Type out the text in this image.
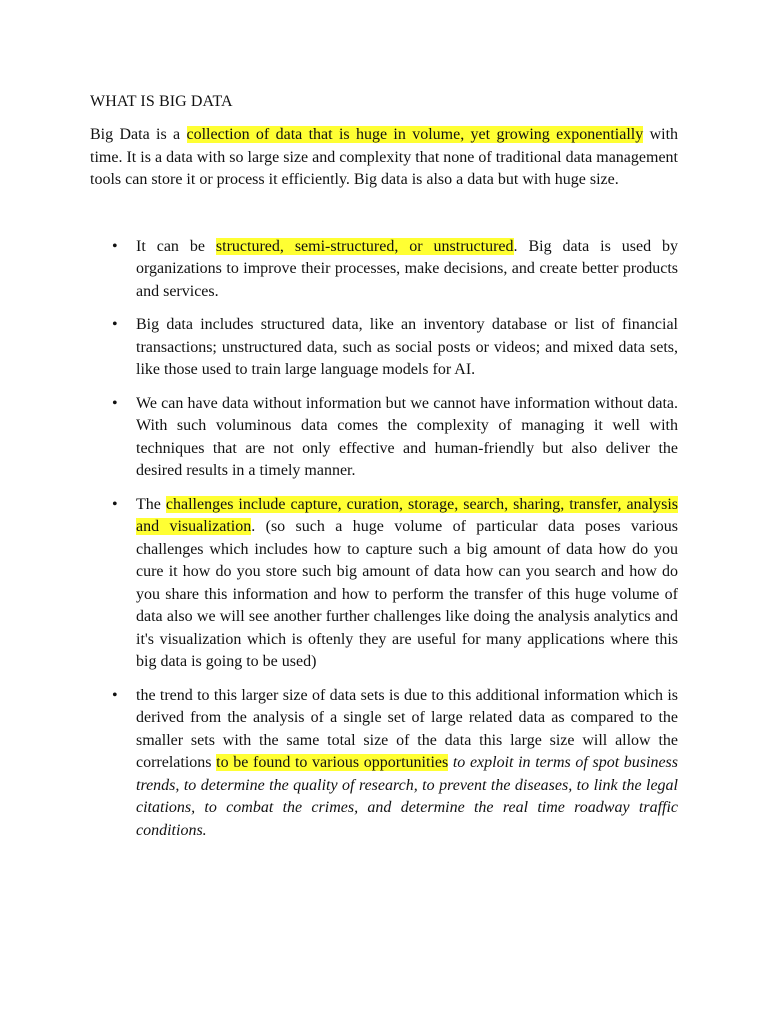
WHAT IS BIG DATA

Big Data is a collection of data that is huge in volume, yet growing exponentially with time. It is a data with so large size and complexity that none of traditional data management tools can store it or process it efficiently. Big data is also a data but with huge size.

• It can be structured, semi-structured, or unstructured. Big data is used by organizations to improve their processes, make decisions, and create better products and services.
• Big data includes structured data, like an inventory database or list of financial transactions; unstructured data, such as social posts or videos; and mixed data sets, like those used to train large language models for AI.
• We can have data without information but we cannot have information without data. With such voluminous data comes the complexity of managing it well with techniques that are not only effective and human-friendly but also deliver the desired results in a timely manner.
• The challenges include capture, curation, storage, search, sharing, transfer, analysis and visualization. (so such a huge volume of particular data poses various challenges which includes how to capture such a big amount of data how do you cure it how do you store such big amount of data how can you search and how do you share this information and how to perform the transfer of this huge volume of data also we will see another further challenges like doing the analysis analytics and it's visualization which is oftenly they are useful for many applications where this big data is going to be used)
• the trend to this larger size of data sets is due to this additional information which is derived from the analysis of a single set of large related data as compared to the smaller sets with the same total size of the data this large size will allow the correlations to be found to various opportunities to exploit in terms of spot business trends, to determine the quality of research, to prevent the diseases, to link the legal citations, to combat the crimes, and determine the real time roadway traffic conditions.
